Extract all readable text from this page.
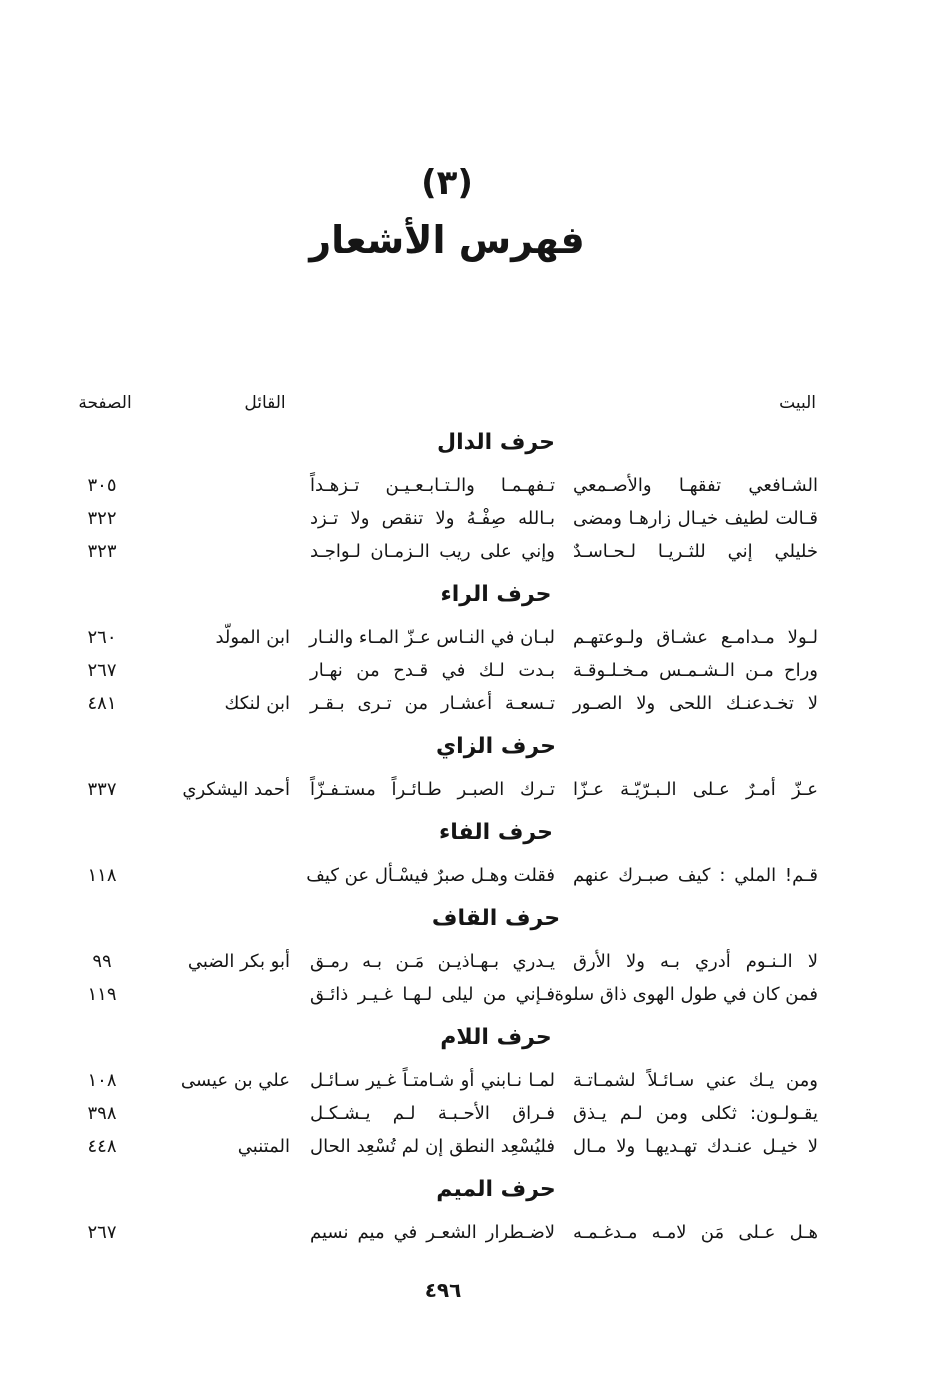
(٣)
فهرس الأشعار
البيت
القائل
الصفحة
حرف الدال
الشـافعي تفقهـا والأصـمعي
تـفهـمـا والـتـابـعـيـن تـزهـداً
٣٠٥
قـالت لطيف خيـال زارهـا ومضى
بـالله صِفْـهُ ولا تنقص ولا تـزد
٣٢٢
خليلي إني للثـريـا لـحـاسـدٌ
وإني على ريب الـزمـان لـواجـد
٣٢٣
حرف الراء
لـولا مـدامـع عشـاق ولـوعتهـم
لبـان في النـاس عـزّ المـاء والنـار
ابن المولّد
٢٦٠
وراح مـن الـشـمـس مـخـلـوقـة
بـدت لـك في قـدح من نهـار
٢٦٧
لا تخـدعنـك اللحى ولا الصـور
تـسعـة أعشـار من تـرى بـقـر
ابن لنكك
٤٨١
حرف الزاي
عـزّ أمـرٌ عـلى الـبـرّيّـة عـزّا
تـرك الصبـر طـائـراً مستـفـزّاً
أحمد اليشكري
٣٣٧
حرف الفاء
قـم! الملي : كيف صبـرك عنهم
فقلت وهـل صبرٌ فيسْـأل عن كيف
١١٨
حرف القاف
لا الـنـوم أدري بـه ولا الأرق
يـدري بـهـاذيـن مَـن بـه رمـق
أبو بكر الضبي
٩٩
فمن كان في طول الهوى ذاق سلوة
فـإني من ليلى لـهـا غـيـر ذائـق
١١٩
حرف اللام
ومن يـك عني سـائـلاً لشمـاتـة
لمـا نـابني أو شـامتـاً غـير سـائـل
علي بن عيسى
١٠٨
يقـولـون: ثكلى ومن لـم يـذق
فـراق الأحـبـة لـم يـشـكـل
٣٩٨
لا خيـل عنـدك تهـديهـا ولا مـال
فليُسْعِد النطق إن لم تُسْعِد الحال
المتنبي
٤٤٨
حرف الميم
هـل عـلى مَن لامـه مـدغـمـه
لاضـطرار الشعـر في ميم نسيم
٢٦٧
٤٩٦
